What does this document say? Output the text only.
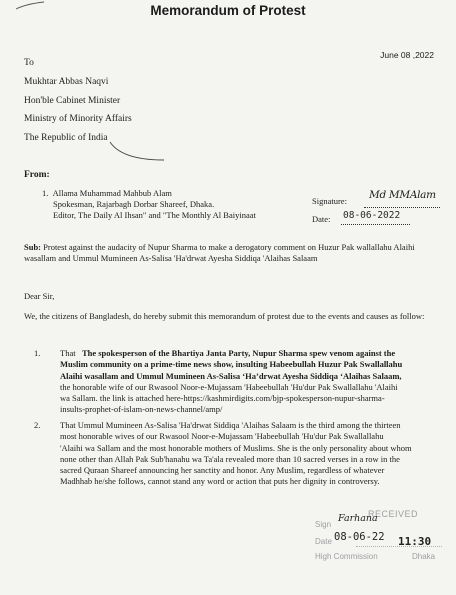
Memorandum of Protest
June 08 ,2022
To
Mukhtar Abbas Naqvi
Hon'ble Cabinet Minister
Ministry of Minority Affairs
The Republic of India
From:
1. Allama Muhammad Mahbub Alam
Spokesman, Rajarbagh Dorbar Shareef, Dhaka.
Editor, The Daily Al Ihsan" and "The Monthly Al Baiyinaat
Signature: Md MMAlam
Date: 08-06-2022
Sub: Protest against the audacity of Nupur Sharma to make a derogatory comment on Huzur Pak wallallahu Alaihi wasallam and Ummul Mumineen As-Salisa 'Ha'drwat Ayesha Siddiqa 'Alaihas Salaam
Dear Sir,
We, the citizens of Bangladesh, do hereby submit this memorandum of protest due to the events and causes as follow:
1. That   The spokesperson of the Bhartiya Janta Party, Nupur Sharma spew venom against the
Muslim community on a prime-time news show, insulting Habeebullah Huzur Pak Swallallahu
Alaihi wasallam and Ummul Mumineen As-Salisa ‘Ha’drwat Ayesha Siddiqa ‘Alaihas Salaam,
the honorable wife of our Rwasool Noor-e-Mujassam 'Habeebullah 'Hu'dur Pak Swallallahu 'Alaihi
wa Sallam. the link is attached here-https://kashmirdigits.com/bjp-spokesperson-nupur-sharma-
insults-prophet-of-islam-on-news-channel/amp/
2. That Ummul Mumineen As-Salisa 'Ha'drwat Siddiqa 'Alaihas Salaam is the third among the thirteen
most honorable wives of our Rwasool Noor-e-Mujassam 'Habeebullah 'Hu'dur Pak Swallallahu
'Alaihi wa Sallam and the most honorable mothers of Muslims. She is the only personality about whom
none other than Allah Pak Sub'hanahu wa Ta'ala revealed more than 10 sacred verses in a row in the
sacred Quraan Shareef announcing her sanctity and honor. Any Muslim, regardless of whatever
Madhhab he/she follows, cannot stand any word or action that puts her dignity in controversy.
RECEIVED
Sign
Farhana
Date 08-06-22 11:30
High Commission	Dhaka
